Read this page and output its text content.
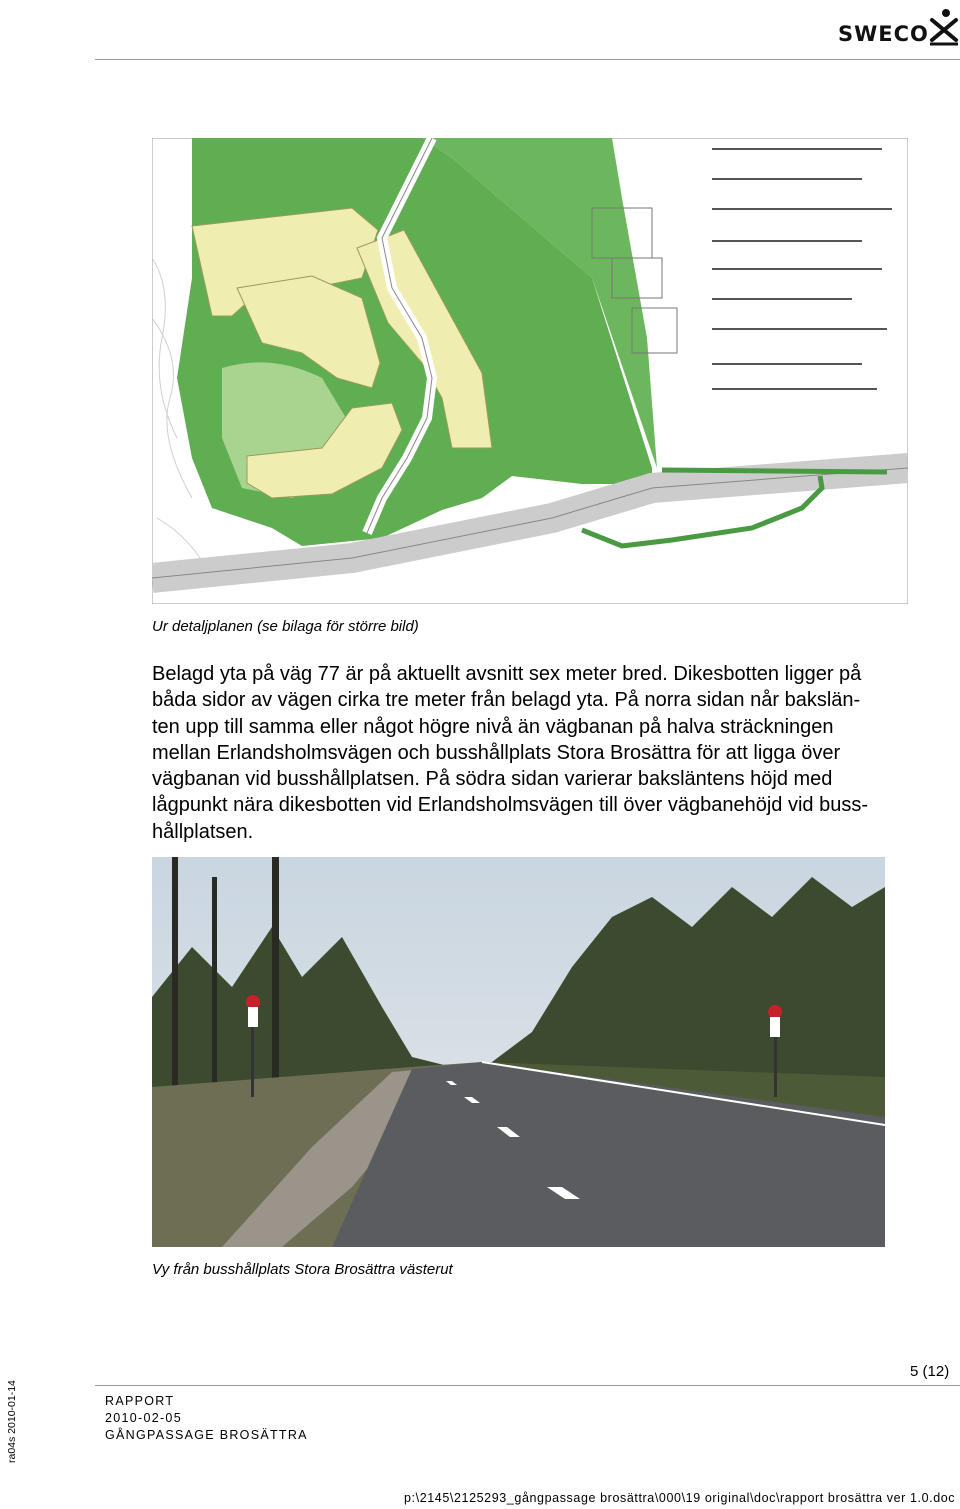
SWECO
Ur detaljplanen (se bilaga för större bild)

Belagd yta på väg 77 är på aktuellt avsnitt sex meter bred. Dikesbotten ligger på
båda sidor av vägen cirka tre meter från belagd yta. På norra sidan når bakslän-
ten upp till samma eller något högre nivå än vägbanan på halva sträckningen
mellan Erlandsholmsvägen och busshållplats Stora Brosättra för att ligga över
vägbanan vid busshållplatsen. På södra sidan varierar baksläntens höjd med
lågpunkt nära dikesbotten vid Erlandsholmsvägen till över vägbanehöjd vid buss-
hållplatsen.

Vy från busshållplats Stora Brosättra västerut
5 (12)
ra04s 2010-01-14	RAPPORT
2010-02-05
GÅNGPASSAGE BROSÄTTRA
p:\2145\2125293_gångpassage brosättra\000\19 original\doc\rapport brosättra ver 1.0.doc
